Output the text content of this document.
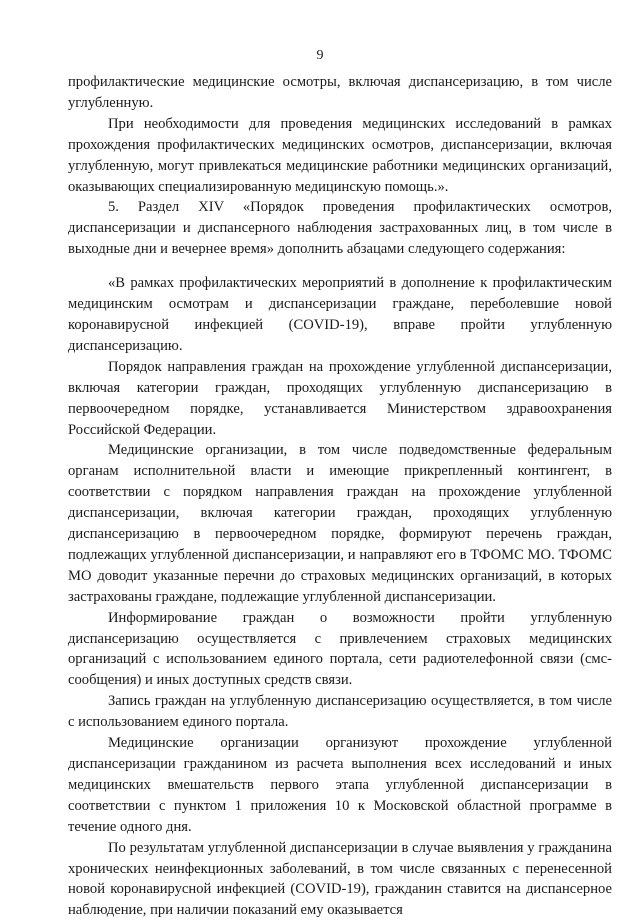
9

профилактические медицинские осмотры, включая диспансеризацию, в том числе углубленную.

При необходимости для проведения медицинских исследований в рамках прохождения профилактических медицинских осмотров, диспансеризации, включая углубленную, могут привлекаться медицинские работники медицинских организаций, оказывающих специализированную медицинскую помощь.».

5. Раздел XIV «Порядок проведения профилактических осмотров, диспансеризации и диспансерного наблюдения застрахованных лиц, в том числе в выходные дни и вечернее время» дополнить абзацами следующего содержания:

«В рамках профилактических мероприятий в дополнение к профилактическим медицинским осмотрам и диспансеризации гражданe, переболевшие новой коронавирусной инфекцией (COVID-19), вправе пройти углубленную диспансеризацию.

Порядок направления граждан на прохождение углубленной диспансеризации, включая категории граждан, проходящих углубленную диспансеризацию в первоочередном порядке, устанавливается Министерством здравоохранения Российской Федерации.

Медицинские организации, в том числе подведомственные федеральным органам исполнительной власти и имеющие прикрепленный контингент, в соответствии с порядком направления граждан на прохождение углубленной диспансеризации, включая категории граждан, проходящих углубленную диспансеризацию в первоочередном порядке, формируют перечень граждан, подлежащих углубленной диспансеризации, и направляют его в ТФОМС МО. ТФОМС МО доводит указанные перечни до страховых медицинских организаций, в которых застрахованы граждане, подлежащие углубленной диспансеризации.

Информирование граждан о возможности пройти углубленную диспансеризацию осуществляется с привлечением страховых медицинских организаций с использованием единого портала, сети радиотелефонной связи (смс-сообщения) и иных доступных средств связи.

Запись граждан на углубленную диспансеризацию осуществляется, в том числе с использованием единого портала.

Медицинские организации организуют прохождение углубленной диспансеризации гражданином из расчета выполнения всех исследований и иных медицинских вмешательств первого этапа углубленной диспансеризации в соответствии с пунктом 1 приложения 10 к Московской областной программе в течение одного дня.

По результатам углубленной диспансеризации в случае выявления у гражданина хронических неинфекционных заболеваний, в том числе связанных с перенесенной новой коронавирусной инфекцией (COVID-19), гражданин ставится на диспансерное наблюдение, при наличии показаний ему оказывается
